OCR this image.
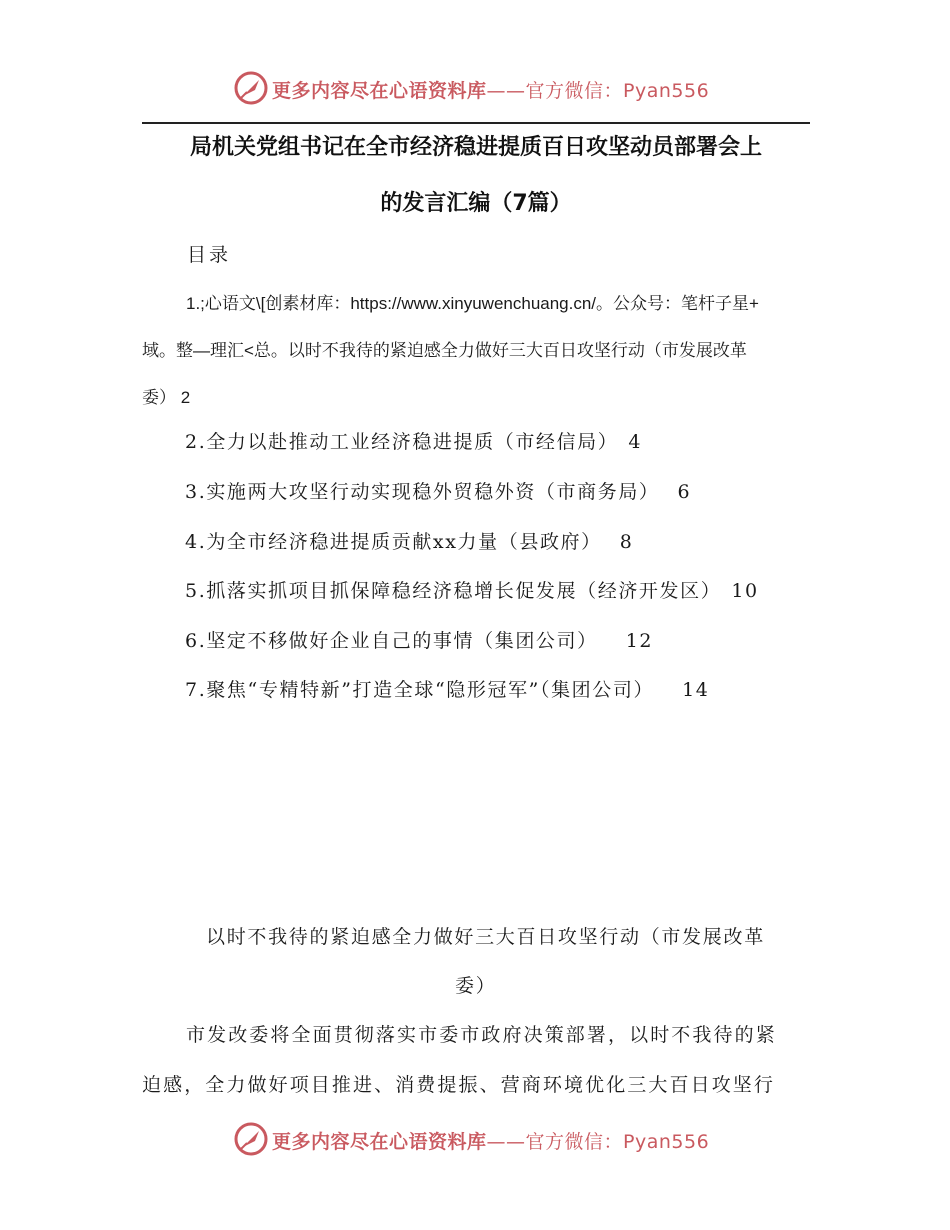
更多内容尽在心语资料库——官方微信：Pyan556
局机关党组书记在全市经济稳进提质百日攻坚动员部署会上
的发言汇编（7篇）
目录
1.;心语文\[创素材库：https://www.xinyuwenchuang.cn/。公众号：笔杆子星+
域。整—理汇<总。以时不我待的紧迫感全力做好三大百日攻坚行动（市发展改革
委） 2
2.全力以赴推动工业经济稳进提质（市经信局） 4
3.实施两大攻坚行动实现稳外贸稳外资（市商务局） 6
4.为全市经济稳进提质贡献xx力量（县政府） 8
5.抓落实抓项目抓保障稳经济稳增长促发展（经济开发区） 10
6.坚定不移做好企业自己的事情（集团公司） 12
7.聚焦“专精特新”打造全球“隐形冠军”（集团公司） 14
以时不我待的紧迫感全力做好三大百日攻坚行动（市发展改革
委）
市发改委将全面贯彻落实市委市政府决策部署，以时不我待的紧
迫感，全力做好项目推进、消费提振、营商环境优化三大百日攻坚行
更多内容尽在心语资料库——官方微信：Pyan556
